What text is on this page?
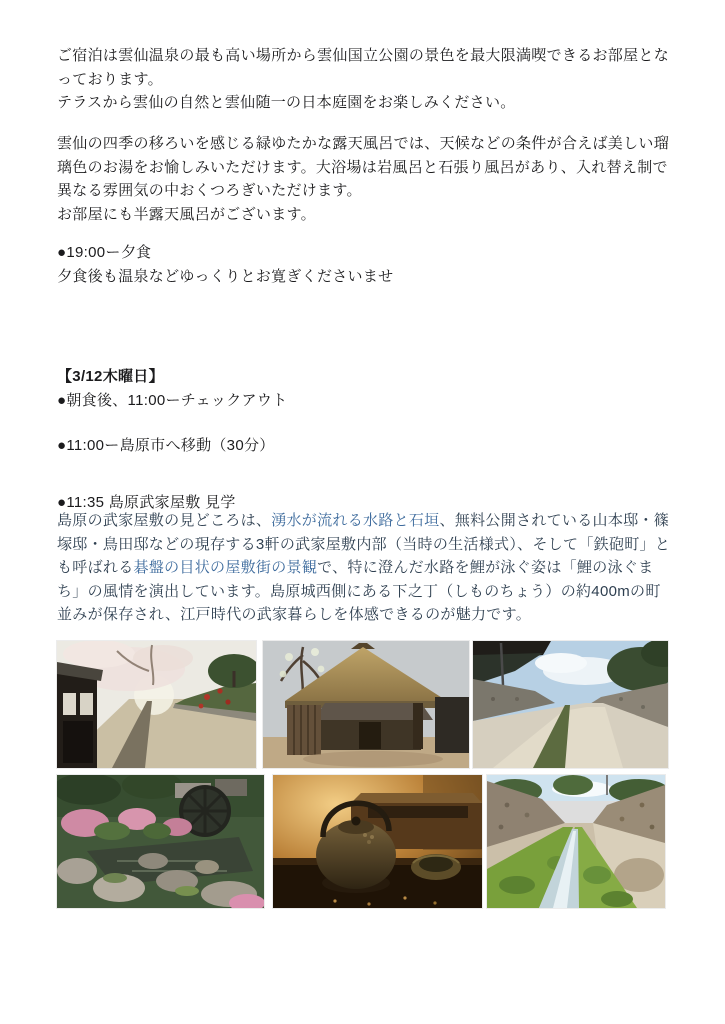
ご宿泊は雲仙温泉の最も高い場所から雲仙国立公園の景色を最大限満喫できるお部屋となっております。
テラスから雲仙の自然と雲仙随一の日本庭園をお楽しみください。
雲仙の四季の移ろいを感じる緑ゆたかな露天風呂では、天候などの条件が合えば美しい瑠璃色のお湯をお愉しみいただけます。大浴場は岩風呂と石張り風呂があり、入れ替え制で異なる雰囲気の中おくつろぎいただけます。
お部屋にも半露天風呂がございます。
●19:00ー夕食
夕食後も温泉などゆっくりとお寛ぎくださいませ
【3/12木曜日】
●朝食後、11:00ーチェックアウト
●11:00ー島原市へ移動（30分）
●11:35 島原武家屋敷 見学
島原の武家屋敷の見どころは、湧水が流れる水路と石垣、無料公開されている山本邸・篠塚邸・鳥田邸などの現存する3軒の武家屋敷内部（当時の生活様式）、そして「鉄砲町」とも呼ばれる碁盤の目状の屋敷街の景観で、特に澄んだ水路を鯉が泳ぐ姿は「鯉の泳ぐまち」の風情を演出しています。島原城西側にある下之丁（しものちょう）の約400mの町並みが保存され、江戸時代の武家暮らしを体感できるのが魅力です。
